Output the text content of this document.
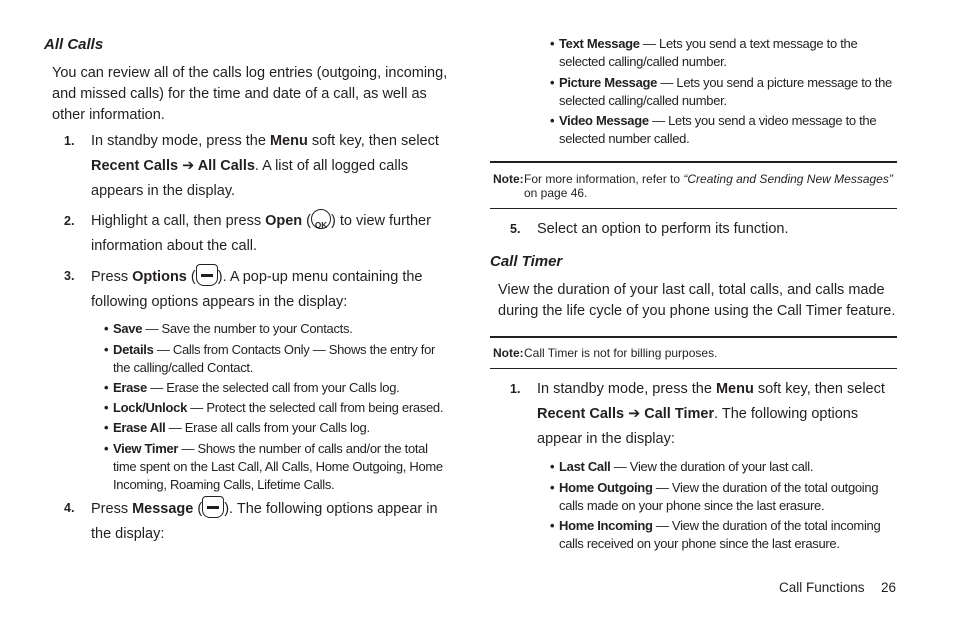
All Calls
You can review all of the calls log entries (outgoing, incoming, and missed calls) for the time and date of a call, as well as other information.
1. In standby mode, press the Menu soft key, then select Recent Calls ➔ All Calls. A list of all logged calls appears in the display.
2. Highlight a call, then press Open (OK ) to view further information about the call.
3. Press Options ( ). A pop-up menu containing the following options appears in the display:
• Save — Save the number to your Contacts.
• Details — Calls from Contacts Only — Shows the entry for the calling/called Contact.
• Erase — Erase the selected call from your Calls log.
• Lock/Unlock — Protect the selected call from being erased.
• Erase All — Erase all calls from your Calls log.
• View Timer — Shows the number of calls and/or the total time spent on the Last Call, All Calls, Home Outgoing, Home Incoming, Roaming Calls, Lifetime Calls.
4. Press Message ( ). The following options appear in the display:
• Text Message — Lets you send a text message to the selected calling/called number.
• Picture Message — Lets you send a picture message to the selected calling/called number.
• Video Message — Lets you send a video message to the selected number called.
Note: For more information, refer to “Creating and Sending New Messages” on page 46.
5. Select an option to perform its function.
Call Timer
View the duration of your last call, total calls, and calls made during the life cycle of you phone using the Call Timer feature.
Note: Call Timer is not for billing purposes.
1. In standby mode, press the Menu soft key, then select Recent Calls ➔ Call Timer. The following options appear in the display:
• Last Call — View the duration of your last call.
• Home Outgoing — View the duration of the total outgoing calls made on your phone since the last erasure.
• Home Incoming — View the duration of the total incoming calls received on your phone since the last erasure.
Call Functions 26
